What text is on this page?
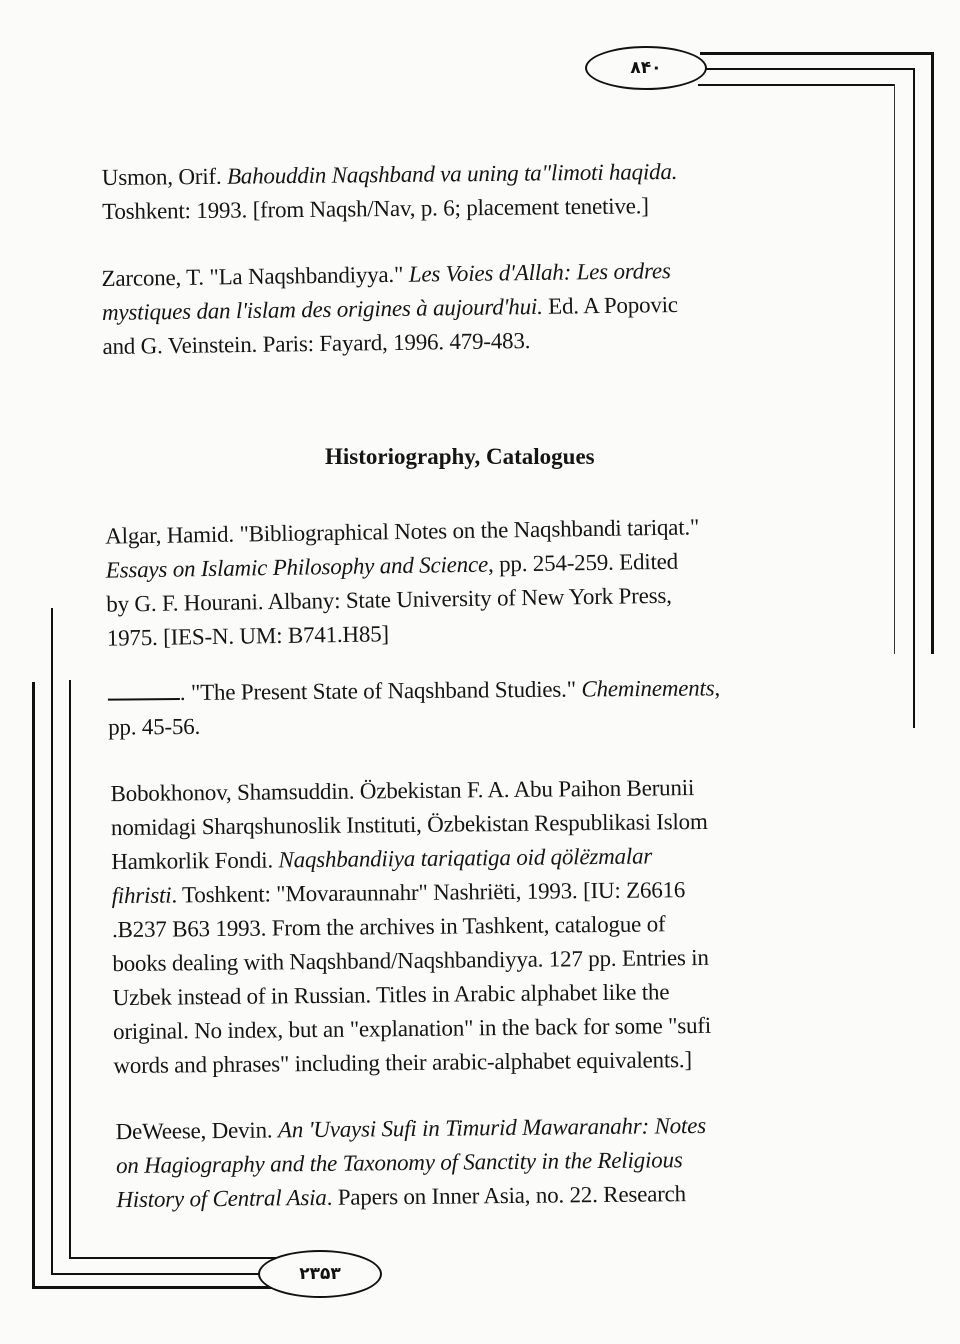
۸۴۰
۲۳۵۳
Usmon, Orif. Bahouddin Naqshband va uning ta"limoti haqida.
Toshkent: 1993. [from Naqsh/Nav, p. 6; placement tenetive.]
Zarcone, T. "La Naqshbandiyya." Les Voies d'Allah: Les ordres
mystiques dan l'islam des origines à aujourd'hui. Ed. A Popovic
and G. Veinstein. Paris: Fayard, 1996. 479-483.
Historiography, Catalogues
Algar, Hamid. "Bibliographical Notes on the Naqshbandi tariqat."
Essays on Islamic Philosophy and Science, pp. 254-259. Edited
by G. F. Hourani. Albany: State University of New York Press,
1975. [IES-N. UM: B741.H85]
. "The Present State of Naqshband Studies." Cheminements,
pp. 45-56.
Bobokhonov, Shamsuddin. Özbekistan F. A. Abu Paihon Berunii
nomidagi Sharqshunoslik Instituti, Özbekistan Respublikasi Islom
Hamkorlik Fondi. Naqshbandiiya tariqatiga oid qölëzmalar
fihristi. Toshkent: "Movaraunnahr" Nashriëti, 1993. [IU: Z6616
.B237 B63 1993. From the archives in Tashkent, catalogue of
books dealing with Naqshband/Naqshbandiyya. 127 pp. Entries in
Uzbek instead of in Russian. Titles in Arabic alphabet like the
original. No index, but an "explanation" in the back for some "sufi
words and phrases" including their arabic-alphabet equivalents.]
DeWeese, Devin. An 'Uvaysi Sufi in Timurid Mawaranahr: Notes
on Hagiography and the Taxonomy of Sanctity in the Religious
History of Central Asia. Papers on Inner Asia, no. 22. Research
